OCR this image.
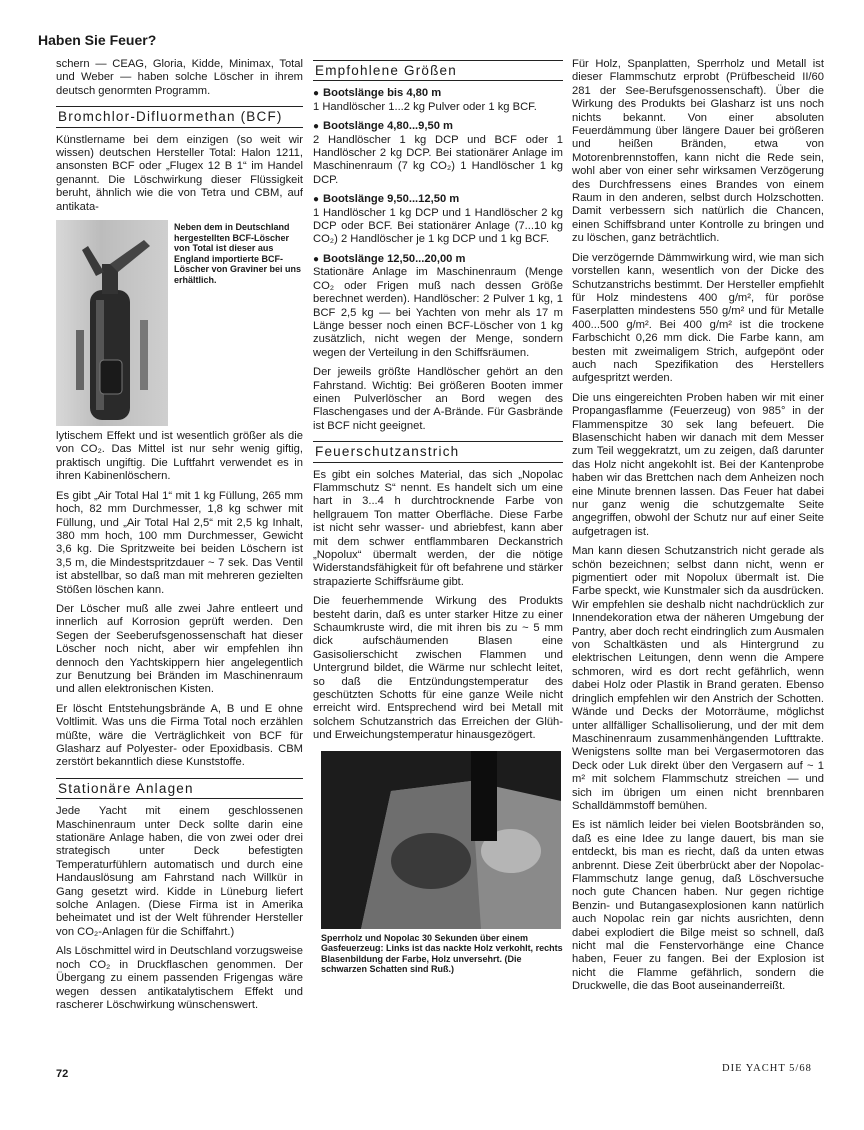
Haben Sie Feuer?

schern — CEAG, Gloria, Kidde, Minimax, Total und Weber — haben solche Löscher in ihrem deutsch genormten Programm.

Bromchlor-Difluormethan (BCF)

Künstlername bei dem einzigen (so weit wir wissen) deutschen Hersteller Total: Halon 1211, ansonsten BCF oder „Flugex 12 B 1“ im Handel genannt. Die Löschwirkung dieser Flüssigkeit beruht, ähnlich wie die von Tetra und CBM, auf antikata-

Neben dem in Deutschland hergestellten BCF-Löscher von Total ist dieser aus England importierte BCF-Löscher von Graviner bei uns erhältlich.

lytischem Effekt und ist wesentlich größer als die von CO₂. Das Mittel ist nur sehr wenig giftig, praktisch ungiftig. Die Luftfahrt verwendet es in ihren Kabinenlöschern.

Es gibt „Air Total Hal 1“ mit 1 kg Füllung, 265 mm hoch, 82 mm Durchmesser, 1,8 kg schwer mit Füllung, und „Air Total Hal 2,5“ mit 2,5 kg Inhalt, 380 mm hoch, 100 mm Durchmesser, Gewicht 3,6 kg. Die Spritzweite bei beiden Löschern ist 3,5 m, die Mindestspritzdauer ~ 7 sek. Das Ventil ist abstellbar, so daß man mit mehreren gezielten Stößen löschen kann.

Der Löscher muß alle zwei Jahre entleert und innerlich auf Korrosion geprüft werden. Den Segen der Seeberufsgenossenschaft hat dieser Löscher noch nicht, aber wir empfehlen ihn dennoch den Yachtskippern hier angelegentlich zur Benutzung bei Bränden im Maschinenraum und allen elektronischen Kisten.

Er löscht Entstehungsbrände A, B und E ohne Voltlimit. Was uns die Firma Total noch erzählen müßte, wäre die Verträglichkeit von BCF für Glasharz auf Polyester- oder Epoxidbasis. CBM zerstört bekanntlich diese Kunststoffe.

Stationäre Anlagen

Jede Yacht mit einem geschlossenen Maschinenraum unter Deck sollte darin eine stationäre Anlage haben, die von zwei oder drei strategisch unter Deck befestigten Temperaturfühlern automatisch und durch eine Handauslösung am Fahrstand nach Willkür in Gang gesetzt wird. Kidde in Lüneburg liefert solche Anlagen. (Diese Firma ist in Amerika beheimatet und ist der Welt führender Hersteller von CO₂-Anlagen für die Schiffahrt.)

Als Löschmittel wird in Deutschland vorzugsweise noch CO₂ in Druckflaschen genommen. Der Übergang zu einem passenden Frigengas wäre wegen dessen antikatalytischem Effekt und rascherer Löschwirkung wünschenswert.

Empfohlene Größen
● Bootslänge bis 4,80 m

1 Handlöscher 1...2 kg Pulver oder 1 kg BCF.

● Bootslänge 4,80...9,50 m

2 Handlöscher 1 kg DCP und BCF oder 1 Handlöscher 2 kg DCP. Bei stationärer Anlage im Maschinenraum (7 kg CO₂) 1 Handlöscher 1 kg DCP.

● Bootslänge 9,50...12,50 m

1 Handlöscher 1 kg DCP und 1 Handlöscher 2 kg DCP oder BCF. Bei stationärer Anlage (7...10 kg CO₂) 2 Handlöscher je 1 kg DCP und 1 kg BCF.

● Bootslänge 12,50...20,00 m

Stationäre Anlage im Maschinenraum (Menge CO₂ oder Frigen muß nach dessen Größe berechnet werden). Handlöscher: 2 Pulver 1 kg, 1 BCF 2,5 kg — bei Yachten von mehr als 17 m Länge besser noch einen BCF-Löscher von 1 kg zusätzlich, nicht wegen der Menge, sondern wegen der Verteilung in den Schiffsräumen.

Der jeweils größte Handlöscher gehört an den Fahrstand. Wichtig: Bei größeren Booten immer einen Pulverlöscher an Bord wegen des Flaschengases und der A-Brände. Für Gasbrände ist BCF nicht geeignet.

Feuerschutzanstrich

Es gibt ein solches Material, das sich „Nopolac Flammschutz S“ nennt. Es handelt sich um eine hart in 3...4 h durchtrocknende Farbe von hellgrauem Ton matter Oberfläche. Diese Farbe ist nicht sehr wasser- und abriebfest, kann aber mit dem schwer entflammbaren Deckanstrich „Nopolux“ übermalt werden, der die nötige Widerstandsfähigkeit für oft befahrene und stärker strapazierte Schiffsräume gibt.

Die feuerhemmende Wirkung des Produkts besteht darin, daß es unter starker Hitze zu einer Schaumkruste wird, die mit ihren bis zu ~ 5 mm dick aufschäumenden Blasen eine Gasisolierschicht zwischen Flammen und Untergrund bildet, die Wärme nur schlecht leitet, so daß die Entzündungstemperatur des geschützten Schotts für eine ganze Weile nicht erreicht wird. Entsprechend wird bei Metall mit solchem Schutzanstrich das Erreichen der Glüh- und Erweichungstemperatur hinausgezögert.

Sperrholz und Nopolac 30 Sekunden über einem Gasfeuerzeug: Links ist das nackte Holz verkohlt, rechts Blasenbildung der Farbe, Holz unversehrt. (Die schwarzen Schatten sind Ruß.)

Für Holz, Spanplatten, Sperrholz und Metall ist dieser Flammschutz erprobt (Prüfbescheid II/60 281 der See-Berufsgenossenschaft). Über die Wirkung des Produkts bei Glasharz ist uns noch nichts bekannt. Von einer absoluten Feuerdämmung über längere Dauer bei größeren und heißen Bränden, etwa von Motorenbrennstoffen, kann nicht die Rede sein, wohl aber von einer sehr wirksamen Verzögerung des Durchfressens eines Brandes von einem Raum in den anderen, selbst durch Holzschotten. Damit verbessern sich natürlich die Chancen, einen Schiffsbrand unter Kontrolle zu bringen und zu löschen, ganz beträchtlich.

Die verzögernde Dämmwirkung wird, wie man sich vorstellen kann, wesentlich von der Dicke des Schutzanstrichs bestimmt. Der Hersteller empfiehlt für Holz mindestens 400 g/m², für poröse Faserplatten mindestens 550 g/m² und für Metalle 400...500 g/m². Bei 400 g/m² ist die trockene Farbschicht 0,26 mm dick. Die Farbe kann, am besten mit zweimaligem Strich, aufgepönt oder auch nach Spezifikation des Herstellers aufgespritzt werden.

Die uns eingereichten Proben haben wir mit einer Propangasflamme (Feuerzeug) von 985° in der Flammenspitze 30 sek lang befeuert. Die Blasenschicht haben wir danach mit dem Messer zum Teil weggekratzt, um zu zeigen, daß darunter das Holz nicht angekohlt ist. Bei der Kantenprobe haben wir das Brettchen nach dem Anheizen noch eine Minute brennen lassen. Das Feuer hat dabei nur ganz wenig die schutzgemalte Seite angegriffen, obwohl der Schutz nur auf einer Seite aufgetragen ist.

Man kann diesen Schutzanstrich nicht gerade als schön bezeichnen; selbst dann nicht, wenn er pigmentiert oder mit Nopolux übermalt ist. Die Farbe speckt, wie Kunstmaler sich da ausdrücken. Wir empfehlen sie deshalb nicht nachdrücklich zur Innendekoration etwa der näheren Umgebung der Pantry, aber doch recht eindringlich zum Ausmalen von Schaltkästen und als Hintergrund zu elektrischen Leitungen, denn wenn die Ampere schmoren, wird es dort recht gefährlich, wenn dabei Holz oder Plastik in Brand geraten. Ebenso dringlich empfehlen wir den Anstrich der Schotten. Wände und Decks der Motorräume, möglichst unter allfälliger Schallisolierung, und der mit dem Maschinenraum zusammenhängenden Lufttrakte. Wenigstens sollte man bei Vergasermotoren das Deck oder Luk direkt über den Vergasern auf ~ 1 m² mit solchem Flammschutz streichen — und sich im übrigen um einen nicht brennbaren Schalldämmstoff bemühen.

Es ist nämlich leider bei vielen Bootsbränden so, daß es eine Idee zu lange dauert, bis man sie entdeckt, bis man es riecht, daß da unten etwas anbrennt. Diese Zeit überbrückt aber der Nopolac-Flammschutz lange genug, daß Löschversuche noch gute Chancen haben. Nur gegen richtige Benzin- und Butangasexplosionen kann natürlich auch Nopolac rein gar nichts ausrichten, denn dabei explodiert die Bilge meist so schnell, daß nicht mal die Fenstervorhänge eine Chance haben, Feuer zu fangen. Bei der Explosion ist nicht die Flamme gefährlich, sondern die Druckwelle, die das Boot auseinanderreißt.

72	DIE YACHT 5/68
